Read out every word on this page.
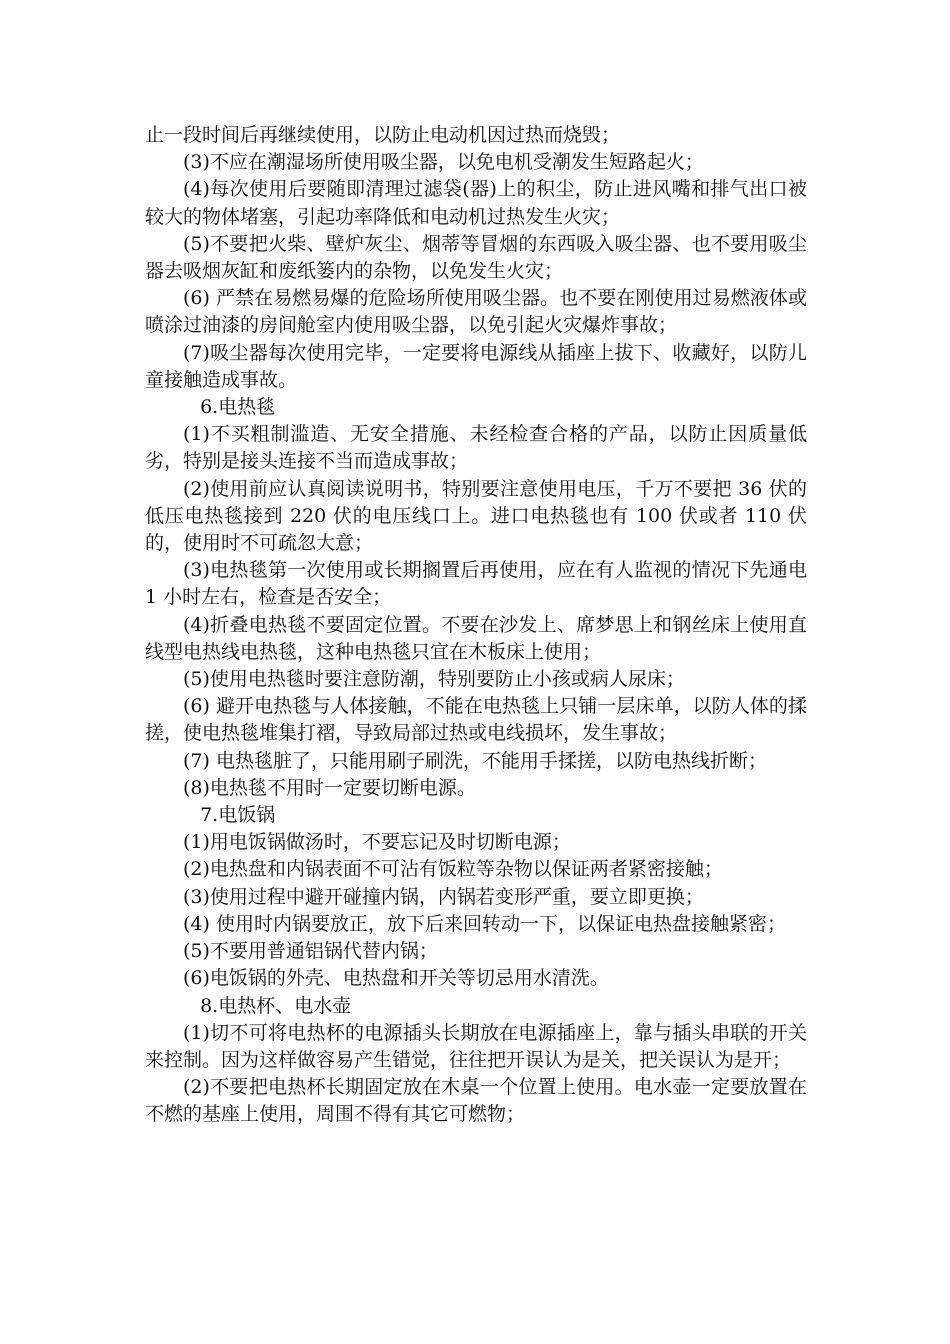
止一段时间后再继续使用，以防止电动机因过热而烧毁；

(3)不应在潮湿场所使用吸尘器，以免电机受潮发生短路起火；

(4)每次使用后要随即清理过滤袋(器)上的积尘，防止进风嘴和排气出口被较大的物体堵塞，引起功率降低和电动机过热发生火灾；

(5)不要把火柴、壁炉灰尘、烟蒂等冒烟的东西吸入吸尘器、也不要用吸尘器去吸烟灰缸和废纸篓内的杂物，以免发生火灾；

(6) 严禁在易燃易爆的危险场所使用吸尘器。也不要在刚使用过易燃液体或喷涂过油漆的房间舱室内使用吸尘器，以免引起火灾爆炸事故；

(7)吸尘器每次使用完毕，一定要将电源线从插座上拔下、收藏好，以防儿童接触造成事故。

6.电热毯

(1)不买粗制滥造、无安全措施、未经检查合格的产品，以防止因质量低劣，特别是接头连接不当而造成事故；

(2)使用前应认真阅读说明书，特别要注意使用电压，千万不要把 36 伏的低压电热毯接到 220 伏的电压线口上。进口电热毯也有 100 伏或者 110 伏的，使用时不可疏忽大意；

(3)电热毯第一次使用或长期搁置后再使用，应在有人监视的情况下先通电 1 小时左右，检查是否安全；

(4)折叠电热毯不要固定位置。不要在沙发上、席梦思上和钢丝床上使用直线型电热线电热毯，这种电热毯只宜在木板床上使用；

(5)使用电热毯时要注意防潮，特别要防止小孩或病人尿床；

(6) 避开电热毯与人体接触，不能在电热毯上只铺一层床单，以防人体的揉搓，使电热毯堆集打褶，导致局部过热或电线损坏，发生事故；

(7) 电热毯脏了，只能用刷子刷洗，不能用手揉搓，以防电热线折断；

(8)电热毯不用时一定要切断电源。

7.电饭锅

(1)用电饭锅做汤时，不要忘记及时切断电源；

(2)电热盘和内锅表面不可沾有饭粒等杂物以保证两者紧密接触；

(3)使用过程中避开碰撞内锅，内锅若变形严重，要立即更换；

(4) 使用时内锅要放正，放下后来回转动一下，以保证电热盘接触紧密；

(5)不要用普通铝锅代替内锅；

(6)电饭锅的外壳、电热盘和开关等切忌用水清洗。

8.电热杯、电水壶

(1)切不可将电热杯的电源插头长期放在电源插座上，靠与插头串联的开关来控制。因为这样做容易产生错觉，往往把开误认为是关，把关误认为是开；

(2)不要把电热杯长期固定放在木桌一个位置上使用。电水壶一定要放置在不燃的基座上使用，周围不得有其它可燃物；
